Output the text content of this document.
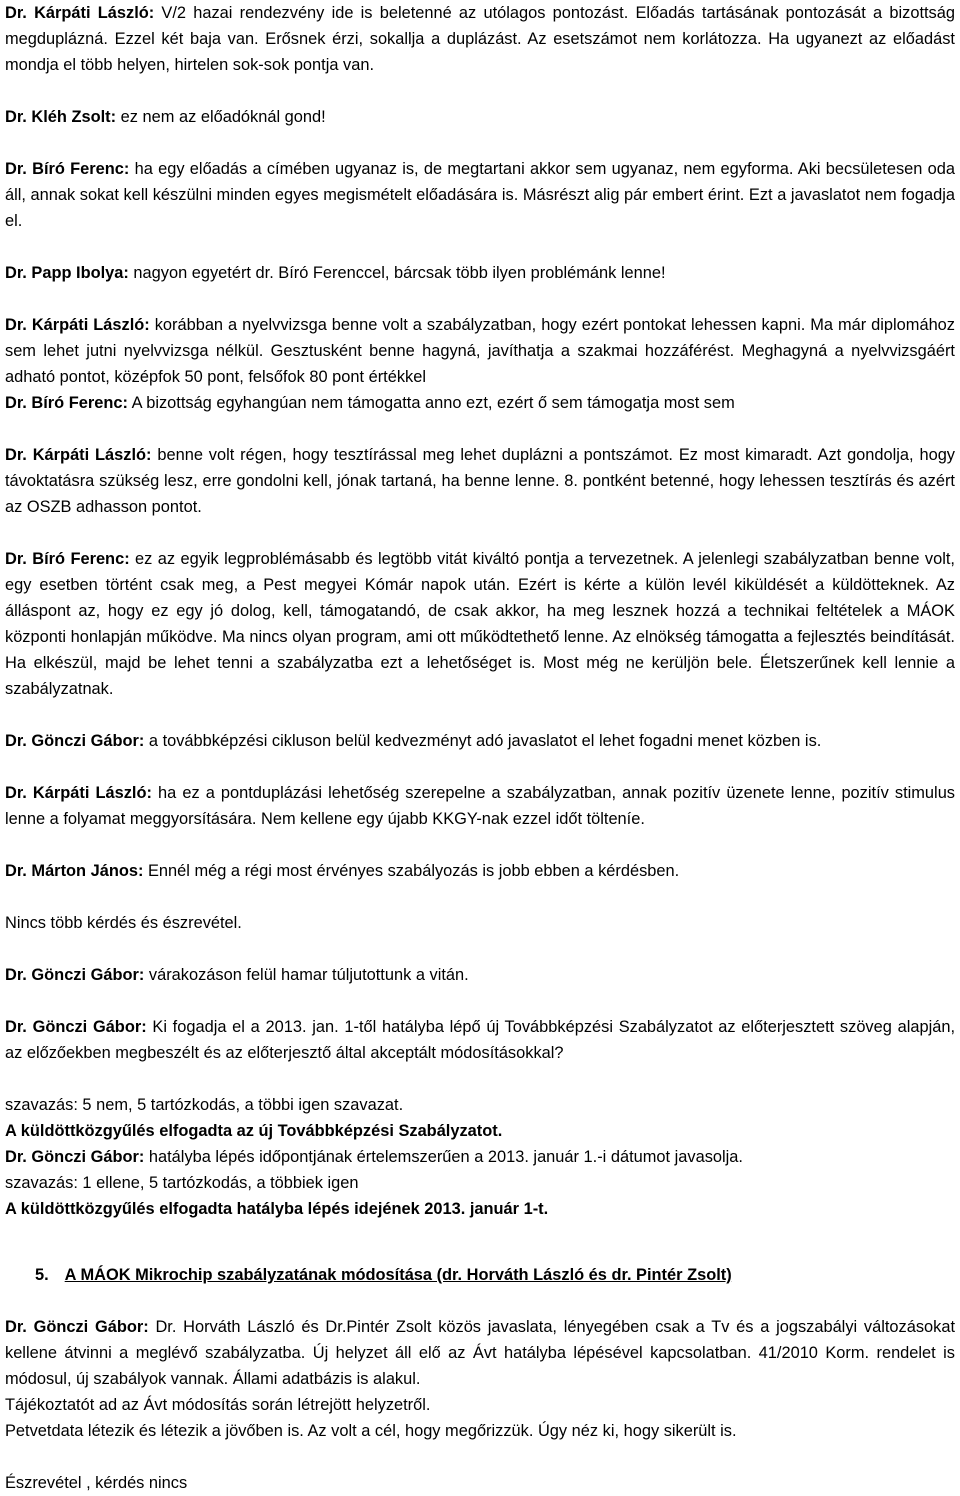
Dr. Kárpáti László: V/2 hazai rendezvény ide is beletenné az utólagos pontozást. Előadás tartásának pontozását a bizottság megduplázná. Ezzel két baja van. Erősnek érzi, sokallja a duplázást. Az esetszámot nem korlátozza. Ha ugyanezt az előadást mondja el több helyen, hirtelen sok-sok pontja van.

Dr. Kléh Zsolt: ez nem az előadóknál gond!

Dr. Bíró Ferenc: ha egy előadás a címében ugyanaz is, de megtartani akkor sem ugyanaz, nem egyforma. Aki becsületesen oda áll, annak sokat kell készülni minden egyes megismételt előadására is. Másrészt alig pár embert érint. Ezt a javaslatot nem fogadja el.

Dr. Papp Ibolya: nagyon egyetért dr. Bíró Ferenccel, bárcsak több ilyen problémánk lenne!

Dr. Kárpáti László: korábban a nyelvvizsga benne volt a szabályzatban, hogy ezért pontokat lehessen kapni. Ma már diplomához sem lehet jutni nyelvvizsga nélkül. Gesztusként benne hagyná, javíthatja a szakmai hozzáférést. Meghagyná a nyelvvizsgáért adható pontot, középfok 50 pont, felsőfok 80 pont értékkel

Dr. Bíró Ferenc: A bizottság egyhangúan nem támogatta anno ezt, ezért ő sem támogatja most sem

Dr. Kárpáti László: benne volt régen, hogy tesztírással meg lehet duplázni a pontszámot. Ez most kimaradt. Azt gondolja, hogy távoktatásra szükség lesz, erre gondolni kell, jónak tartaná, ha benne lenne. 8. pontként betenné, hogy lehessen tesztírás és azért az OSZB adhasson pontot.

Dr. Bíró Ferenc: ez az egyik legproblémásabb és legtöbb vitát kiváltó pontja a tervezetnek. A jelenlegi szabályzatban benne volt, egy esetben történt csak meg, a Pest megyei Kómár napok után. Ezért is kérte a külön levél kiküldését a küldötteknek. Az álláspont az, hogy ez egy jó dolog, kell, támogatandó, de csak akkor, ha meg lesznek hozzá a technikai feltételek a MÁOK központi honlapján működve. Ma nincs olyan program, ami ott működtethető lenne. Az elnökség támogatta a fejlesztés beindítását. Ha elkészül, majd be lehet tenni a szabályzatba ezt a lehetőséget is. Most még ne kerüljön bele. Életszerűnek kell lennie a szabályzatnak.

Dr. Gönczi Gábor: a továbbképzési cikluson belül kedvezményt adó javaslatot el lehet fogadni menet közben is.

Dr. Kárpáti László: ha ez a pontduplázási lehetőség szerepelne a szabályzatban, annak pozitív üzenete lenne, pozitív stimulus lenne a folyamat meggyorsítására. Nem kellene egy újabb KKGY-nak ezzel időt tölteníe.

Dr. Márton János: Ennél még a régi most érvényes szabályozás is jobb ebben a kérdésben.

Nincs több kérdés és észrevétel.

Dr. Gönczi Gábor: várakozáson felül hamar túljutottunk a vitán.

Dr. Gönczi Gábor: Ki fogadja el a 2013. jan. 1-től hatályba lépő új Továbbképzési Szabályzatot az előterjesztett szöveg alapján, az előzőekben megbeszélt és az előterjesztő által akceptált módosításokkal?

szavazás: 5 nem, 5 tartózkodás, a többi igen szavazat.

A küldöttközgyűlés elfogadta az új Továbbképzési Szabályzatot.

Dr. Gönczi Gábor: hatályba lépés időpontjának értelemszerűen a 2013. január 1.-i dátumot javasolja.

szavazás: 1 ellene, 5 tartózkodás, a többiek igen

A küldöttközgyűlés elfogadta hatályba lépés idejének 2013. január 1-t.

5. A MÁOK Mikrochip szabályzatának módosítása (dr. Horváth László és dr. Pintér Zsolt)

Dr. Gönczi Gábor: Dr. Horváth László és Dr.Pintér Zsolt közös javaslata, lényegében csak a Tv és a jogszabályi változásokat kellene átvinni a meglévő szabályzatba. Új helyzet áll elő az Ávt hatályba lépésével kapcsolatban. 41/2010 Korm. rendelet is módosul, új szabályok vannak. Állami adatbázis is alakul.

Tájékoztatót ad az Ávt módosítás során létrejött helyzetről.

Petvetdata létezik és létezik a jövőben is. Az volt a cél, hogy megőrizzük. Úgy néz ki, hogy sikerült is.

Észrevétel , kérdés nincs
